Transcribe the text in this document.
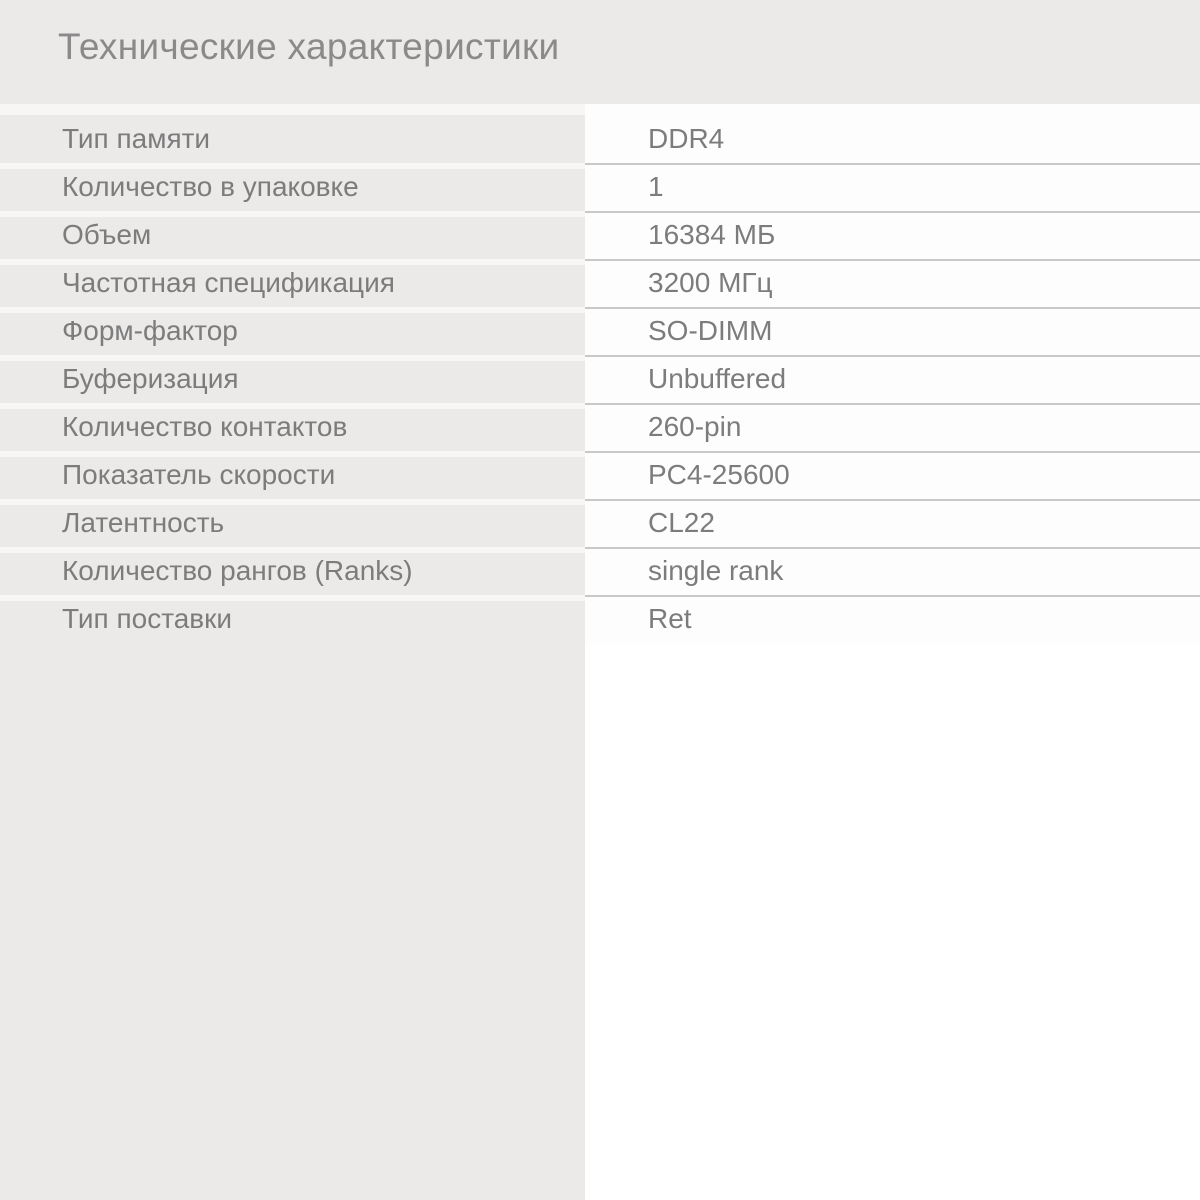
Технические характеристики
Тип памяти	DDR4
Количество в упаковке	1
Объем	16384 МБ
Частотная спецификация	3200 МГц
Форм-фактор	SO-DIMM
Буферизация	Unbuffered
Количество контактов	260-pin
Показатель скорости	PC4-25600
Латентность	CL22
Количество рангов (Ranks)	single rank
Тип поставки	Ret
